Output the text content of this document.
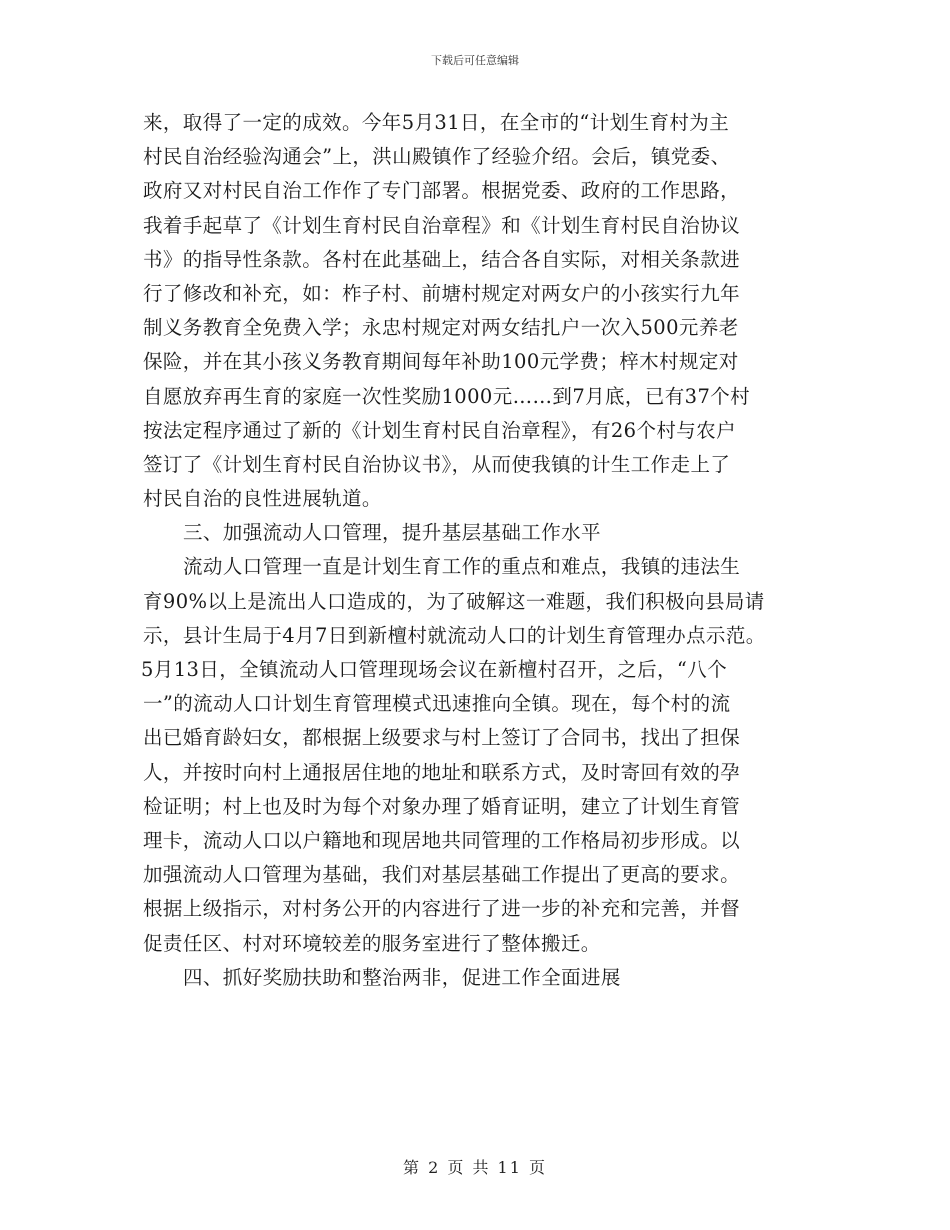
下载后可任意编辑
来，取得了一定的成效。今年5月31日，在全市的“计划生育村为主
村民自治经验沟通会”上，洪山殿镇作了经验介绍。会后，镇党委、
政府又对村民自治工作作了专门部署。根据党委、政府的工作思路，
我着手起草了《计划生育村民自治章程》和《计划生育村民自治协议
书》的指导性条款。各村在此基础上，结合各自实际，对相关条款进
行了修改和补充，如：柞子村、前塘村规定对两女户的小孩实行九年
制义务教育全免费入学；永忠村规定对两女结扎户一次入500元养老
保险，并在其小孩义务教育期间每年补助100元学费；梓木村规定对
自愿放弃再生育的家庭一次性奖励1000元……到7月底，已有37个村
按法定程序通过了新的《计划生育村民自治章程》，有26个村与农户
签订了《计划生育村民自治协议书》，从而使我镇的计生工作走上了
村民自治的良性进展轨道。
三、加强流动人口管理，提升基层基础工作水平
流动人口管理一直是计划生育工作的重点和难点，我镇的违法生
育90%以上是流出人口造成的，为了破解这一难题，我们积极向县局请
示，县计生局于4月7日到新檀村就流动人口的计划生育管理办点示范。
5月13日，全镇流动人口管理现场会议在新檀村召开，之后，“八个
一”的流动人口计划生育管理模式迅速推向全镇。现在，每个村的流
出已婚育龄妇女，都根据上级要求与村上签订了合同书，找出了担保
人，并按时向村上通报居住地的地址和联系方式，及时寄回有效的孕
检证明；村上也及时为每个对象办理了婚育证明，建立了计划生育管
理卡，流动人口以户籍地和现居地共同管理的工作格局初步形成。以
加强流动人口管理为基础，我们对基层基础工作提出了更高的要求。
根据上级指示，对村务公开的内容进行了进一步的补充和完善，并督
促责任区、村对环境较差的服务室进行了整体搬迁。
四、抓好奖励扶助和整治两非，促进工作全面进展
第 2 页 共 11 页
